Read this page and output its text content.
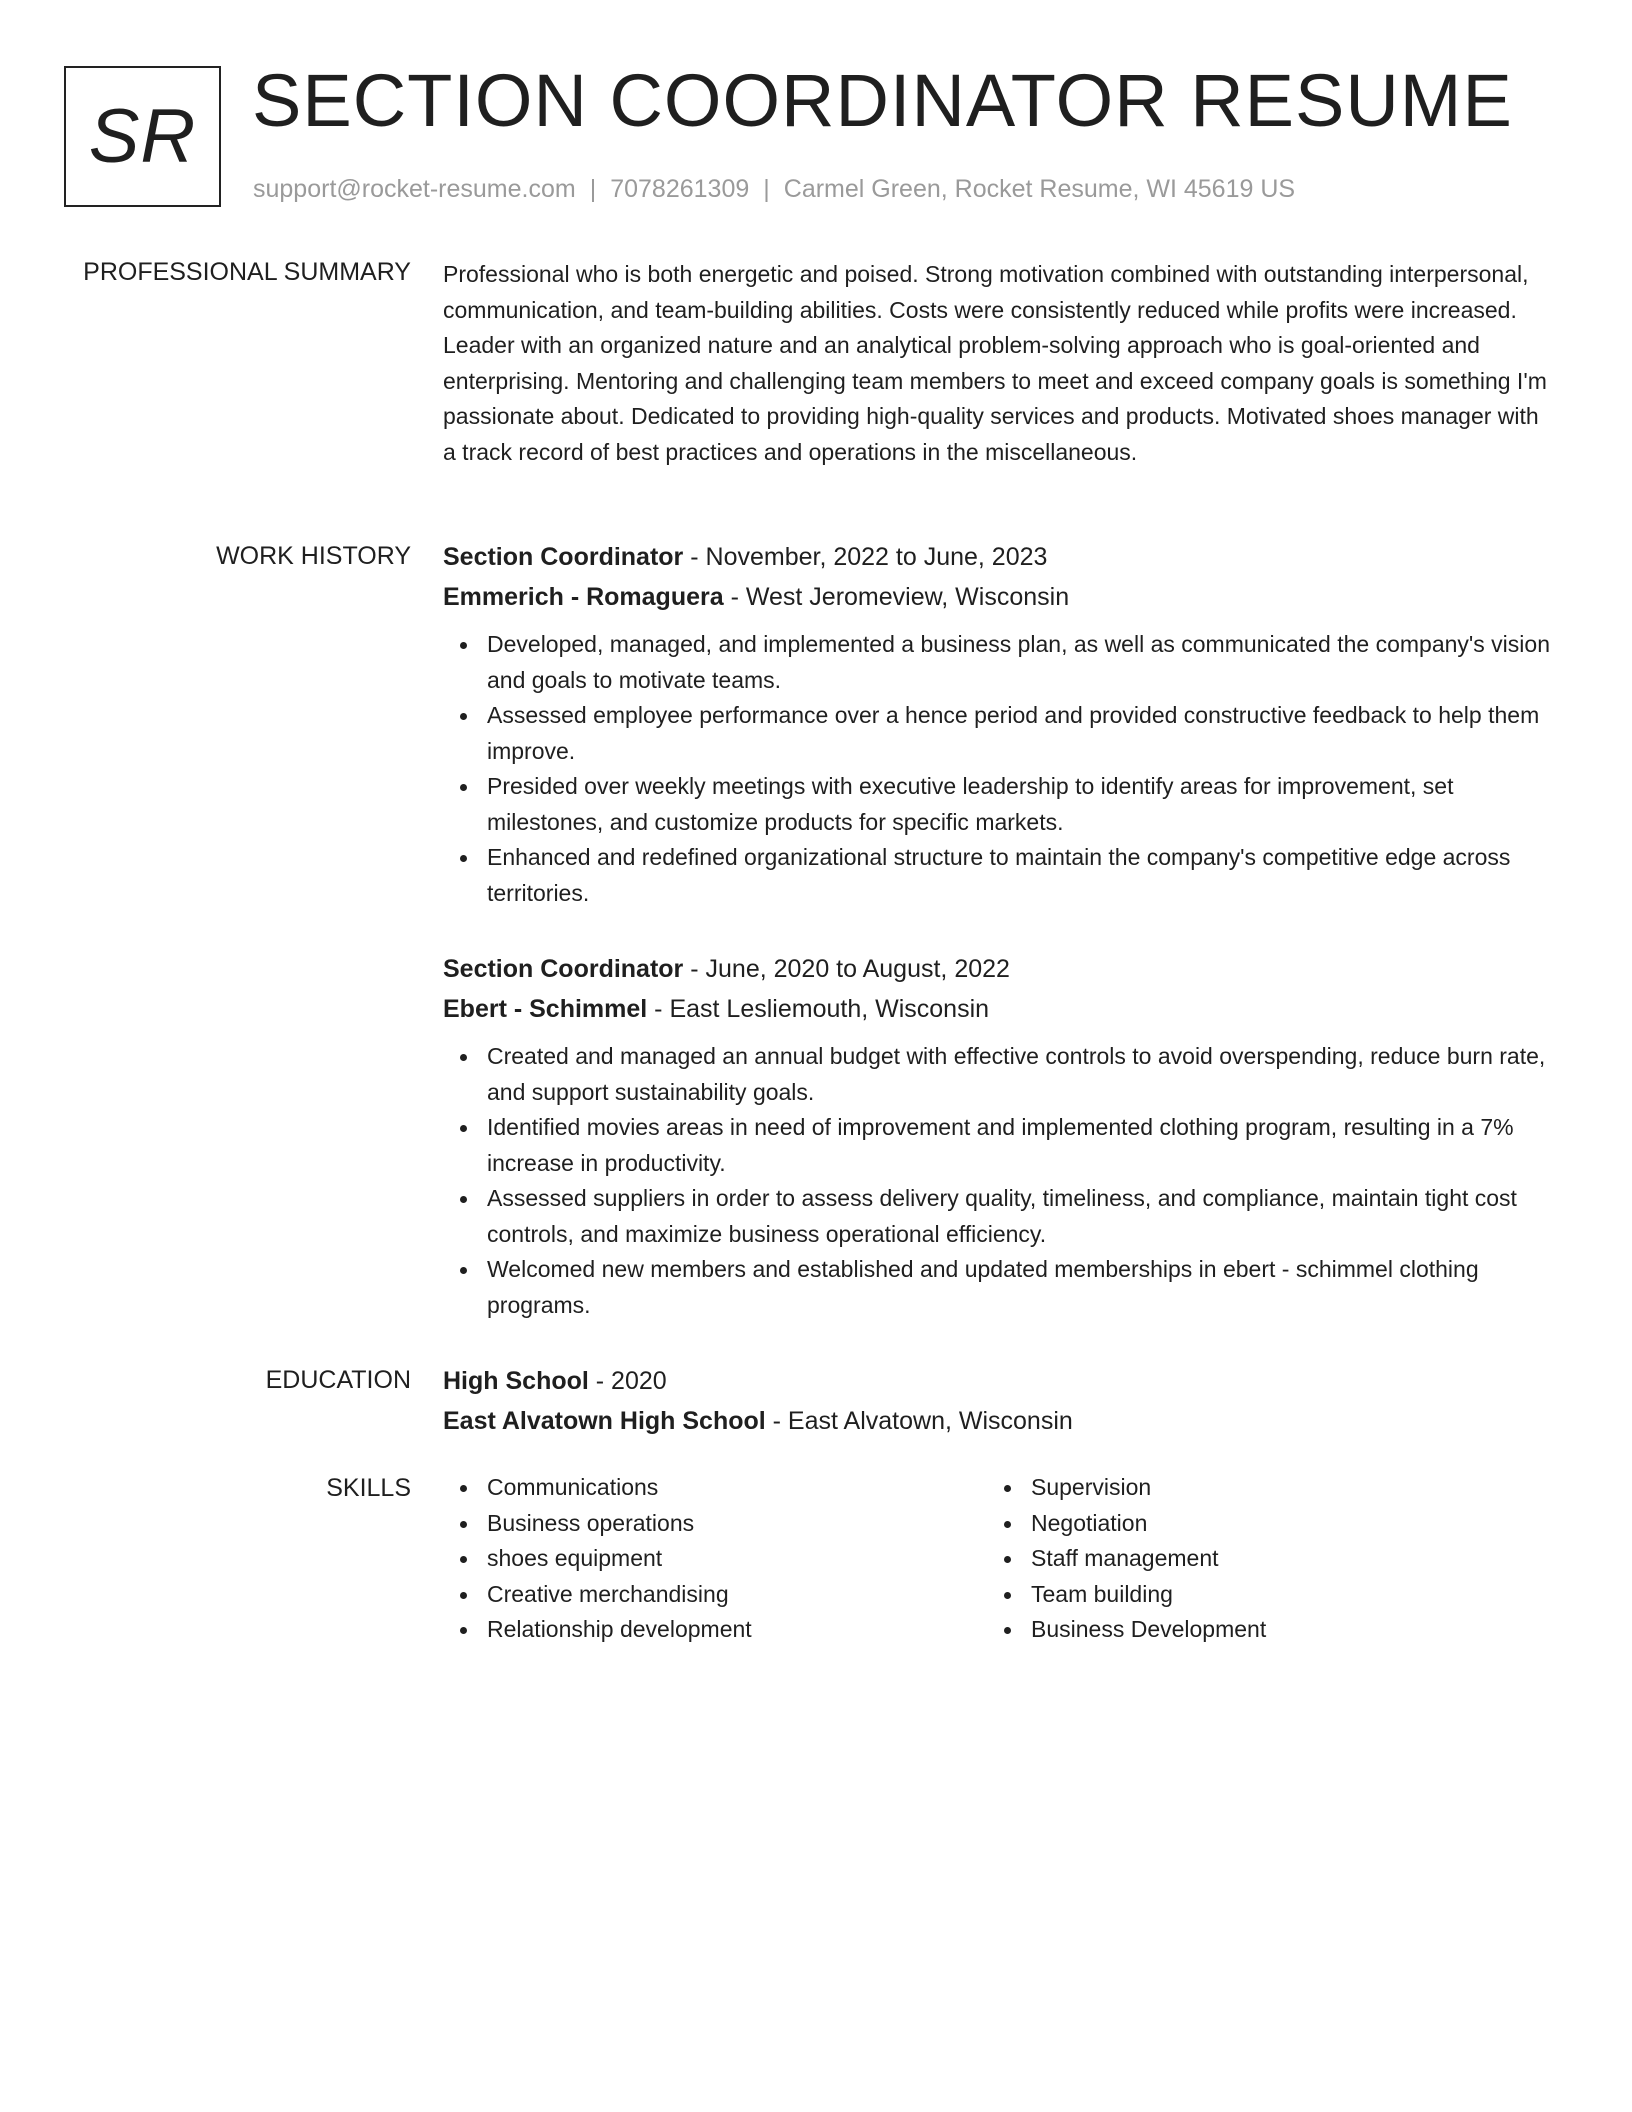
SR SECTION COORDINATOR RESUME
support@rocket-resume.com | 7078261309 | Carmel Green, Rocket Resume, WI 45619 US
PROFESSIONAL SUMMARY Professional who is both energetic and poised. Strong motivation combined with outstanding interpersonal, communication, and team-building abilities. Costs were consistently reduced while profits were increased. Leader with an organized nature and an analytical problem-solving approach who is goal-oriented and enterprising. Mentoring and challenging team members to meet and exceed company goals is something I'm passionate about. Dedicated to providing high-quality services and products. Motivated shoes manager with a track record of best practices and operations in the miscellaneous.

WORK HISTORY Section Coordinator - November, 2022 to June, 2023
Emmerich - Romaguera - West Jeromeview, Wisconsin
Developed, managed, and implemented a business plan, as well as communicated the company's vision and goals to motivate teams.
Assessed employee performance over a hence period and provided constructive feedback to help them improve.
Presided over weekly meetings with executive leadership to identify areas for improvement, set milestones, and customize products for specific markets.
Enhanced and redefined organizational structure to maintain the company's competitive edge across territories.
Section Coordinator - June, 2020 to August, 2022
Ebert - Schimmel - East Lesliemouth, Wisconsin
Created and managed an annual budget with effective controls to avoid overspending, reduce burn rate, and support sustainability goals.
Identified movies areas in need of improvement and implemented clothing program, resulting in a 7% increase in productivity.
Assessed suppliers in order to assess delivery quality, timeliness, and compliance, maintain tight cost controls, and maximize business operational efficiency.
Welcomed new members and established and updated memberships in ebert - schimmel clothing programs.
EDUCATION High School - 2020
East Alvatown High School - East Alvatown, Wisconsin
SKILLS	Communications
Business operations
shoes equipment
Creative merchandising
Relationship development
Supervision
Negotiation
Staff management
Team building
Business Development
